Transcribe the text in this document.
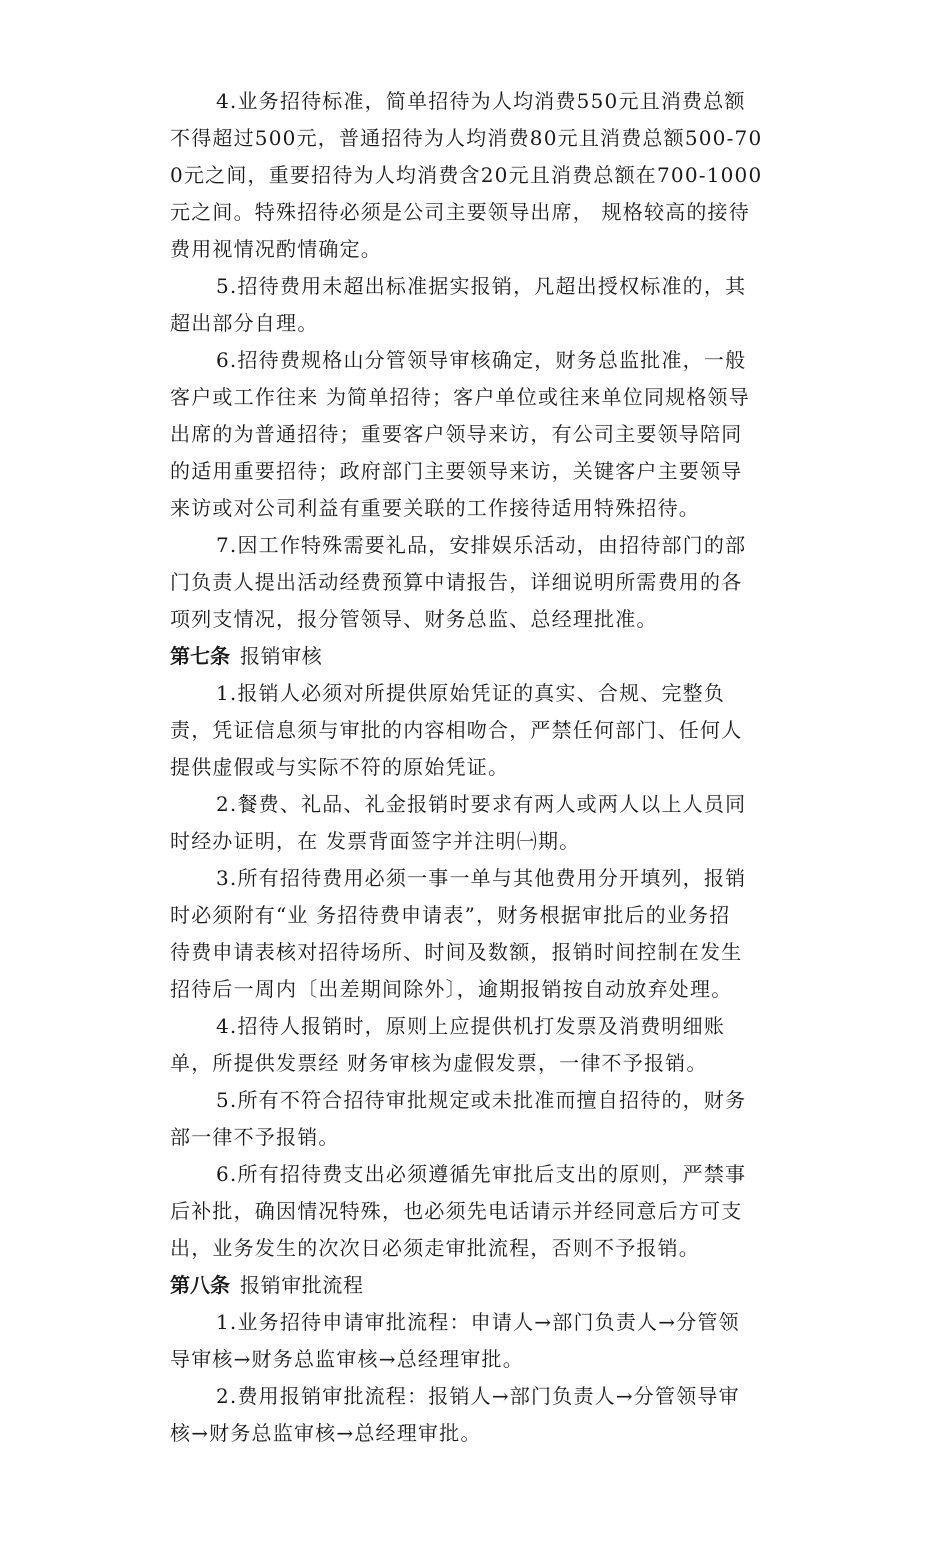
4.业务招待标准，简单招待为人均消费550元且消费总额
不得超过500元，普通招待为人均消费80元且消费总额500-70
0元之间，重要招待为人均消费含20元且消费总额在700-1000
元之间。特殊招待必须是公司主要领导出席， 规格较高的接待
费用视情况酌情确定。
5.招待费用未超出标准据实报销，凡超出授权标准的，其
超出部分自理。
6.招待费规格山分管领导审核确定，财务总监批准，一般
客户或工作往来 为简单招待；客户单位或往来单位同规格领导
出席的为普通招待；重要客户领导来访，有公司主要领导陪同
的适用重要招待；政府部门主要领导来访，关键客户主要领导
来访或对公司利益有重要关联的工作接待适用特殊招待。
7.因工作特殊需要礼品，安排娱乐活动，由招待部门的部
门负责人提出活动经费预算中请报告，详细说明所需费用的各
项列支情况，报分管领导、财务总监、总经理批准。
第七条 报销审核
1.报销人必须对所提供原始凭证的真实、合规、完整负
责，凭证信息须与审批的内容相吻合，严禁任何部门、任何人
提供虚假或与实际不符的原始凭证。
2.餐费、礼品、礼金报销时要求有两人或两人以上人员同
时经办证明，在 发票背面签字并注明㈠期。
3.所有招待费用必须一事一单与其他费用分开填列，报销
时必须附有“业 务招待费申请表”，财务根据审批后的业务招
待费申请表核对招待场所、时间及数额，报销时间控制在发生
招待后一周内〔出差期间除外〕，逾期报销按自动放弃处理。
4.招待人报销时，原则上应提供机打发票及消费明细账
单，所提供发票经 财务审核为虚假发票，一律不予报销。
5.所有不符合招待审批规定或未批准而擅自招待的，财务
部一律不予报销。
6.所有招待费支出必须遵循先审批后支出的原则，严禁事
后补批，确因情况特殊，也必须先电话请示并经同意后方可支
出，业务发生的次次日必须走审批流程，否则不予报销。
第八条 报销审批流程
1.业务招待申请审批流程：申请人→部门负责人→分管领
导审核→财务总监审核→总经理审批。
2.费用报销审批流程：报销人→部门负责人→分管领导审
核→财务总监审核→总经理审批。
